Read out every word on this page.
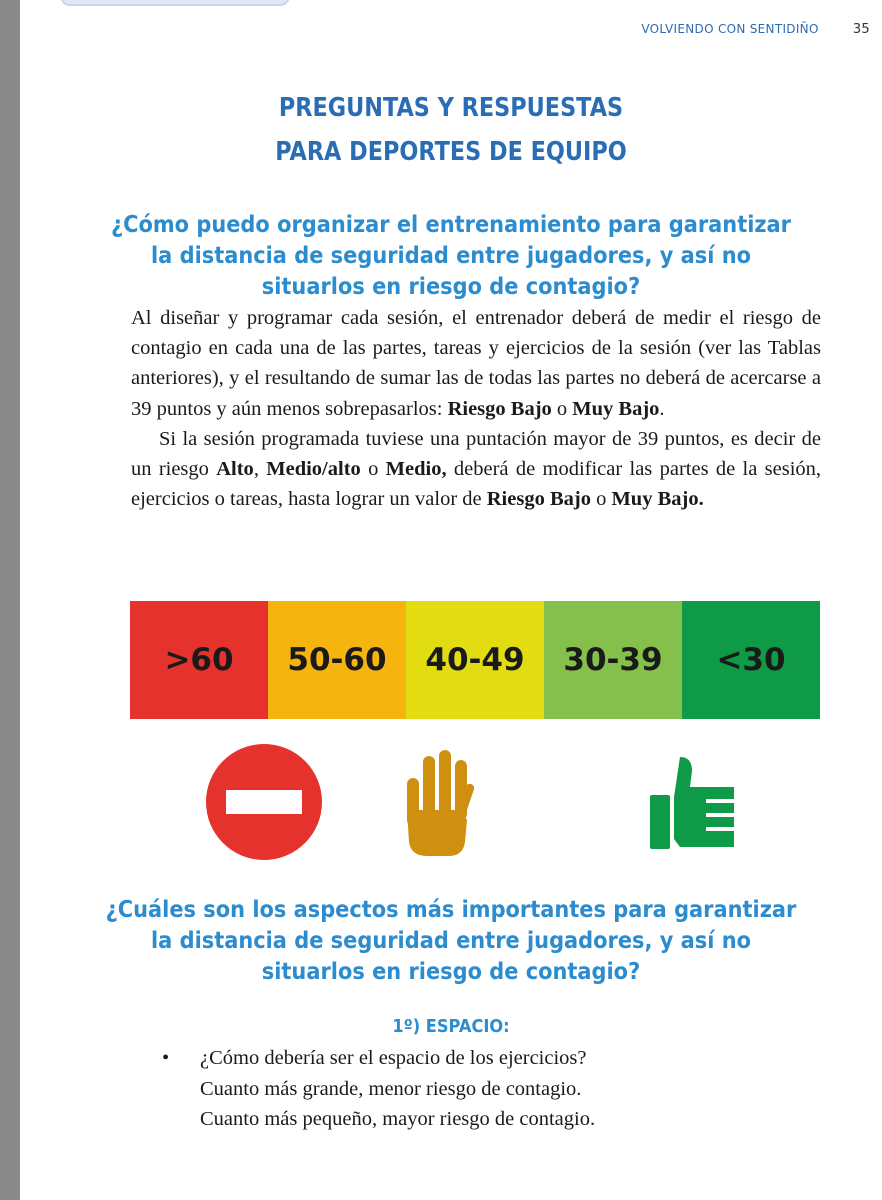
VOLVIENDO CON SENTIDIÑO	35
PREGUNTAS Y RESPUESTAS
PARA DEPORTES DE EQUIPO
¿Cómo puedo organizar el entrenamiento para garantizar
la distancia de seguridad entre jugadores, y así no
situarlos en riesgo de contagio?

Al diseñar y programar cada sesión, el entrenador deberá de medir el riesgo de contagio en cada una de las partes, tareas y ejercicios de la sesión (ver las Tablas anteriores), y el resultando de sumar las de todas las partes no deberá de acercarse a 39 puntos y aún menos sobrepasarlos: Riesgo Bajo o Muy Bajo.

Si la sesión programada tuviese una puntación mayor de 39 puntos, es decir de un riesgo Alto, Medio/alto o Medio, deberá de modificar las partes de la sesión, ejercicios o tareas, hasta lograr un valor de Riesgo Bajo o Muy Bajo.

>60 50-60 40-49 30-39 <30
¿Cuáles son los aspectos más importantes para garantizar
la distancia de seguridad entre jugadores, y así no
situarlos en riesgo de contagio?
1º) ESPACIO:
• ¿Cómo debería ser el espacio de los ejercicios?
Cuanto más grande, menor riesgo de contagio.
Cuanto más pequeño, mayor riesgo de contagio.
